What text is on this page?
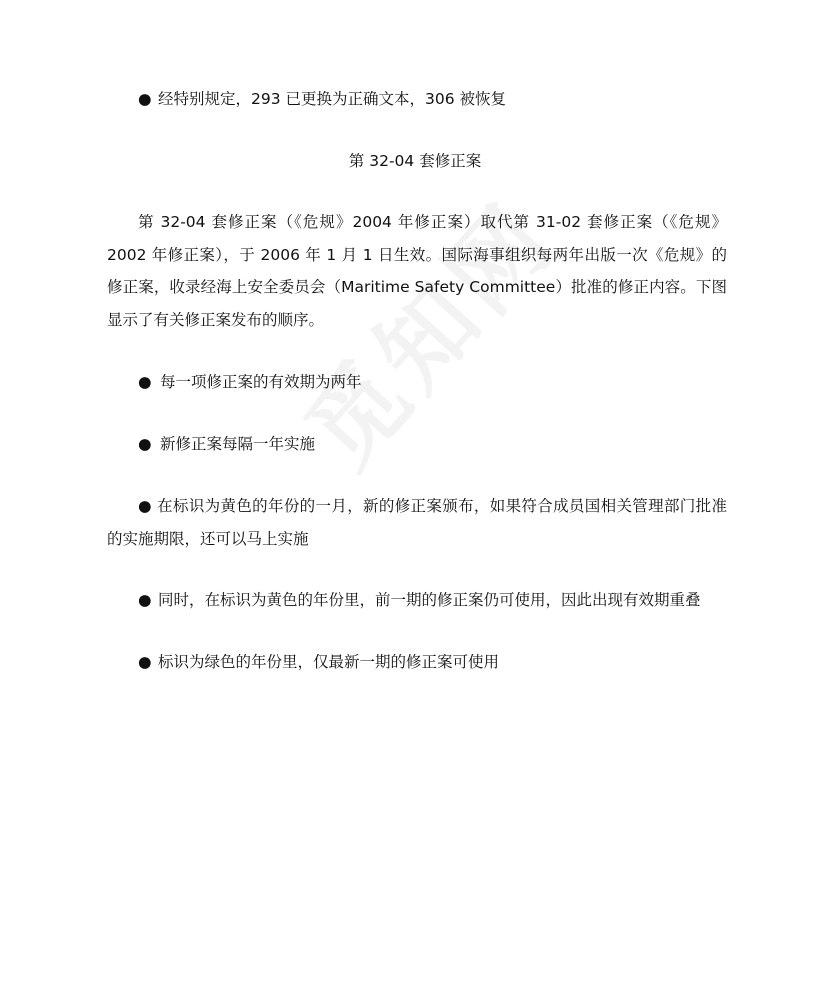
● 经特别规定，293 已更换为正确文本，306 被恢复
第 32-04 套修正案
第 32-04 套修正案（《危规》2004 年修正案）取代第 31-02 套修正案（《危规》2002 年修正案），于 2006 年 1 月 1 日生效。国际海事组织每两年出版一次《危规》的修正案，收录经海上安全委员会（Maritime Safety Committee）批准的修正内容。下图显示了有关修正案发布的顺序。
● 每一项修正案的有效期为两年
● 新修正案每隔一年实施
● 在标识为黄色的年份的一月，新的修正案颁布，如果符合成员国相关管理部门批准的实施期限，还可以马上实施
● 同时，在标识为黄色的年份里，前一期的修正案仍可使用，因此出现有效期重叠
● 标识为绿色的年份里，仅最新一期的修正案可使用
